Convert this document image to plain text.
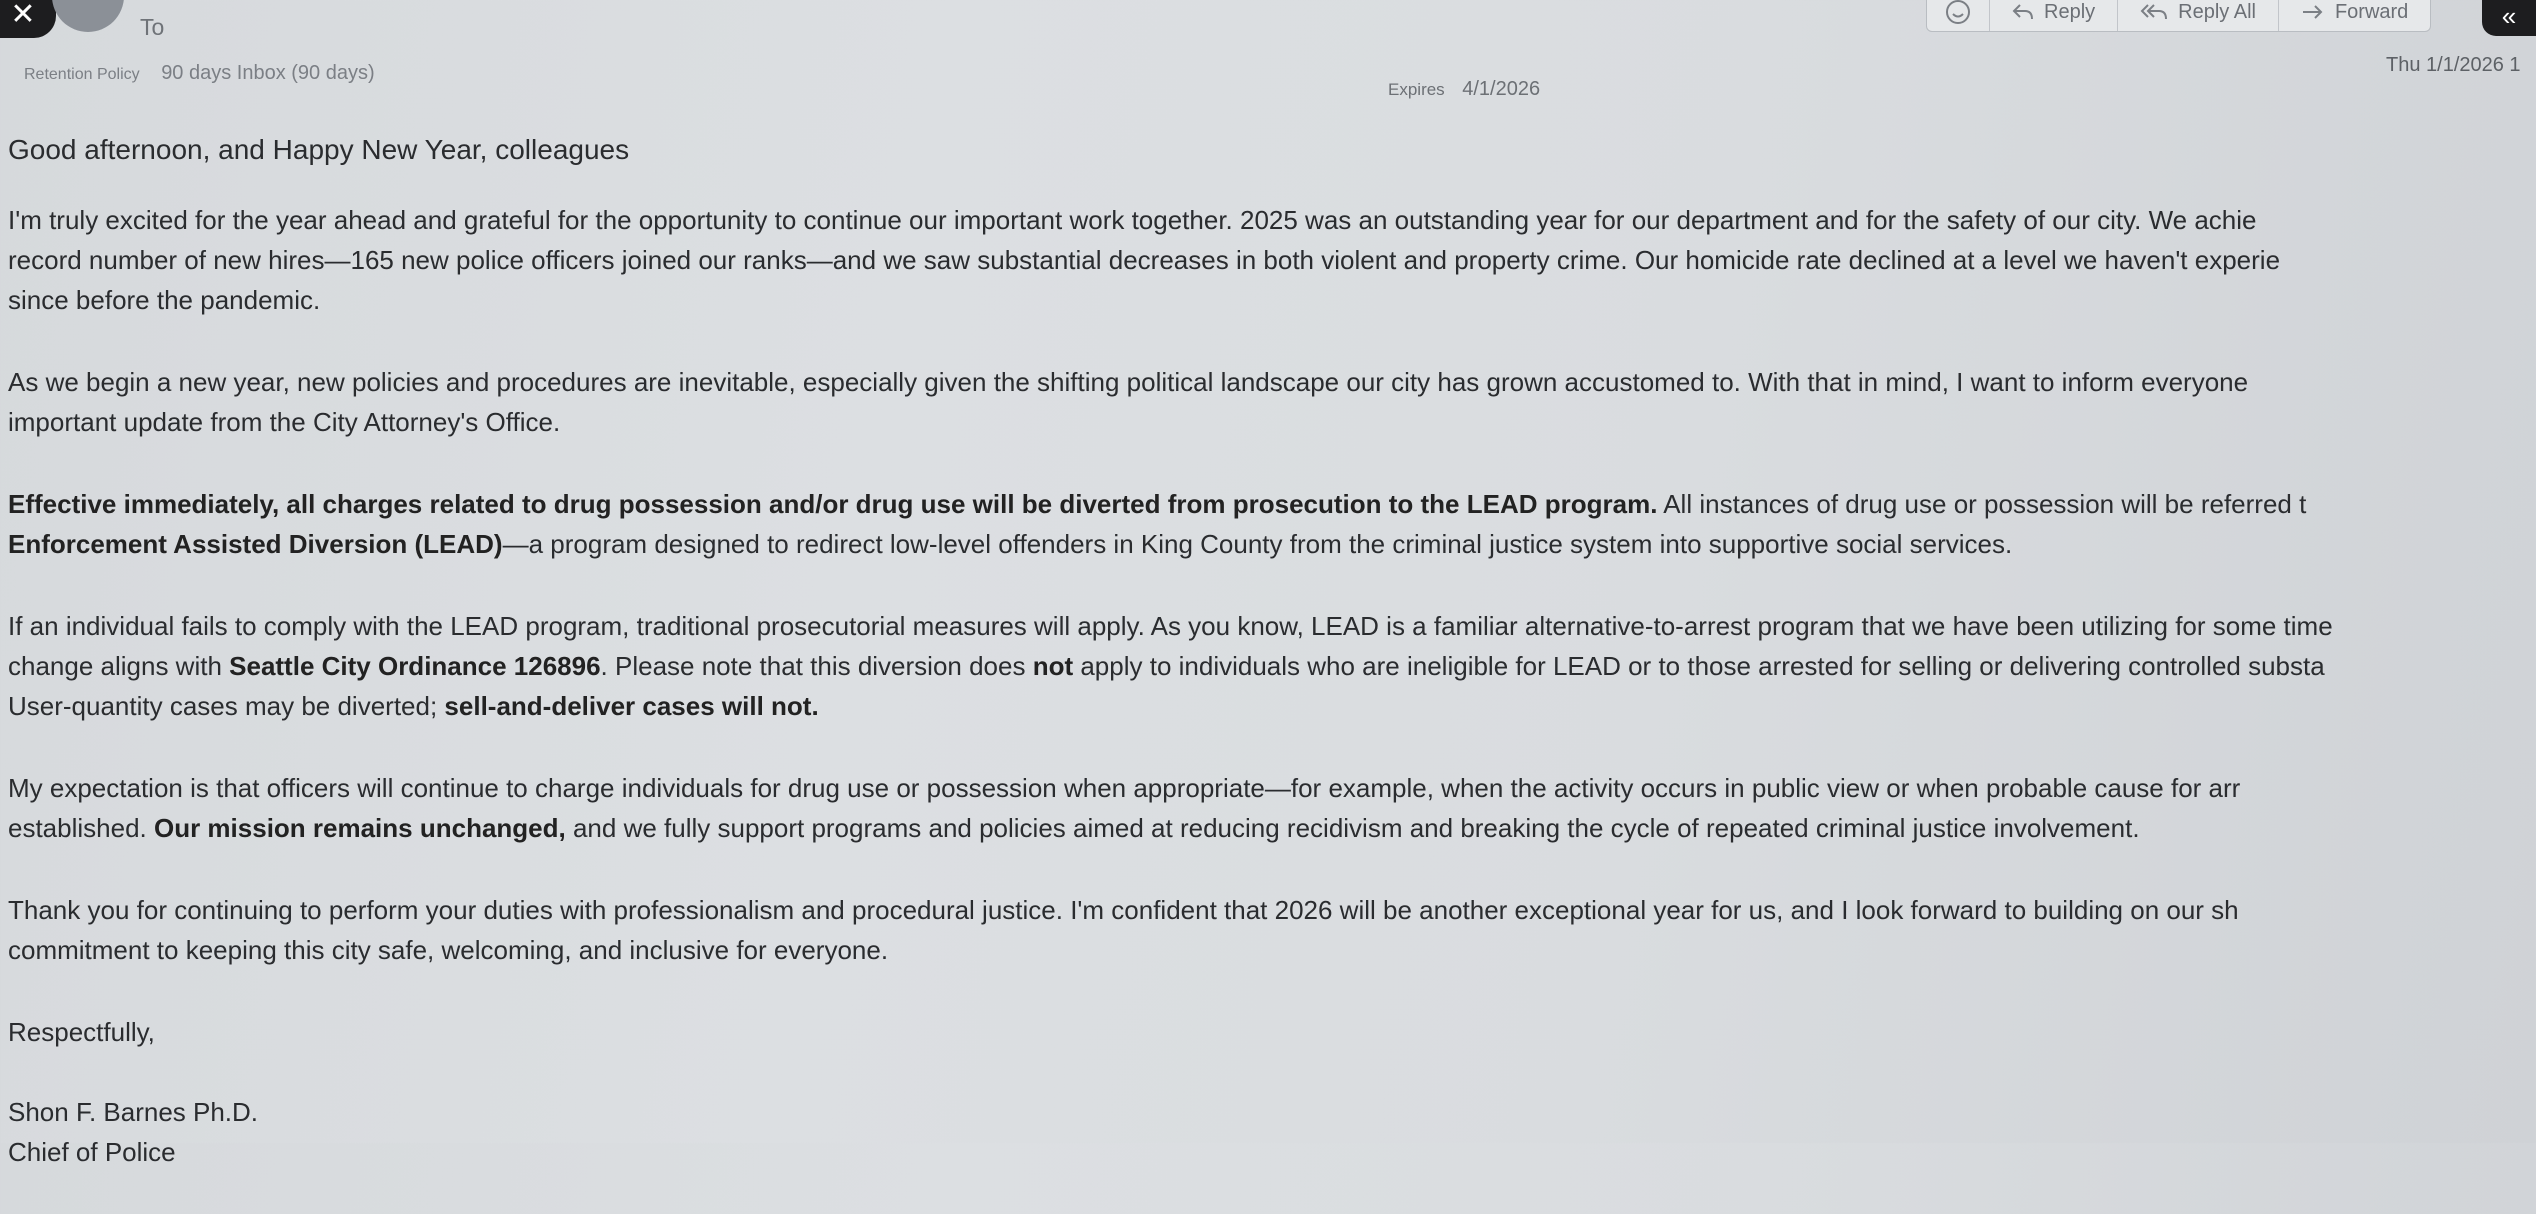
✕	To
Retention Policy 90 days Inbox (90 days)
Expires 4/1/2026
Reply	Reply All	Forward	«
Thu 1/1/2026 1

Good afternoon, and Happy New Year, colleagues

I'm truly excited for the year ahead and grateful for the opportunity to continue our important work together. 2025 was an outstanding year for our department and for the safety of our city. We achie
record number of new hires—165 new police officers joined our ranks—and we saw substantial decreases in both violent and property crime. Our homicide rate declined at a level we haven't experie
since before the pandemic.

As we begin a new year, new policies and procedures are inevitable, especially given the shifting political landscape our city has grown accustomed to. With that in mind, I want to inform everyone
important update from the City Attorney's Office.

Effective immediately, all charges related to drug possession and/or drug use will be diverted from prosecution to the LEAD program. All instances of drug use or possession will be referred t
Enforcement Assisted Diversion (LEAD)—a program designed to redirect low-level offenders in King County from the criminal justice system into supportive social services.

If an individual fails to comply with the LEAD program, traditional prosecutorial measures will apply. As you know, LEAD is a familiar alternative-to-arrest program that we have been utilizing for some time
change aligns with Seattle City Ordinance 126896. Please note that this diversion does not apply to individuals who are ineligible for LEAD or to those arrested for selling or delivering controlled substa
User-quantity cases may be diverted; sell-and-deliver cases will not.

My expectation is that officers will continue to charge individuals for drug use or possession when appropriate—for example, when the activity occurs in public view or when probable cause for arr
established. Our mission remains unchanged, and we fully support programs and policies aimed at reducing recidivism and breaking the cycle of repeated criminal justice involvement.

Thank you for continuing to perform your duties with professionalism and procedural justice. I'm confident that 2026 will be another exceptional year for us, and I look forward to building on our sh
commitment to keeping this city safe, welcoming, and inclusive for everyone.

Respectfully,

Shon F. Barnes Ph.D.
Chief of Police
